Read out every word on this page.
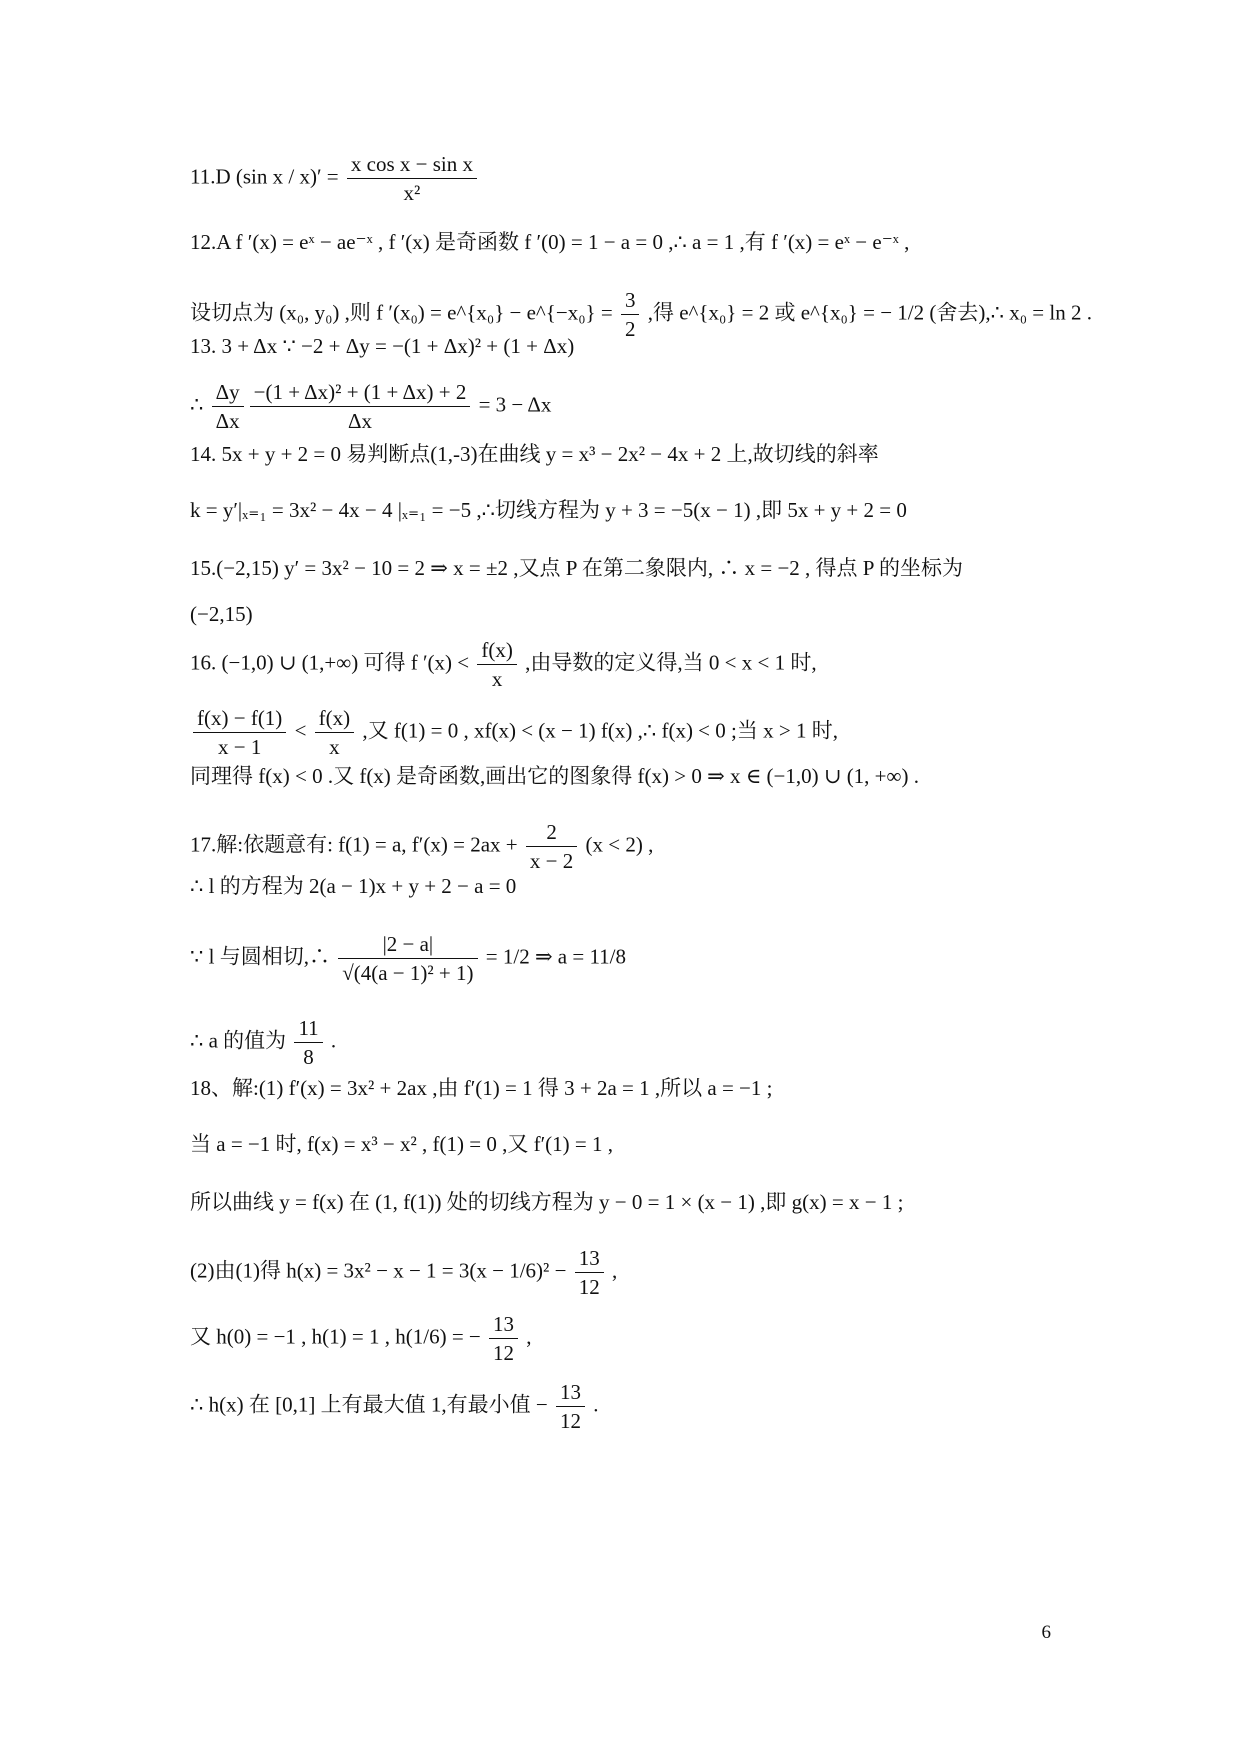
11.D (sin $x / x)' = \frac{\text{x cos x − sin x}}{\text{x²}}$
12.A f ′(x) = eˣ − ae⁻ˣ , f ′(x) 是奇函数 f ′(0) = 1 − a = 0 ,∴ a = 1 ,有 f ′(x) = eˣ − e⁻ˣ ,
设切点为 (x₀, y₀) ,则 f ′(x₀) = e^{x₀} − e^{−x₀} = $\frac{3}{2}$ ,得 e^{x₀} = 2 或 e^{x₀} = − 1/2 (舍去),∴ x₀ = ln 2 .
13. 3 + Δx ∵ −2 + Δy = −(1 + Δx)² + (1 + Δx)
∴ $\frac{\Delta y}{\Delta x} \frac{\text{−(1 + Δx)² + (1 + Δx) + 2}}{\Delta x} = 3 - \Delta x$
14. 5x + y + 2 = 0 易判断点(1,-3)在曲线 y = x³ − 2x² − 4x + 2 上,故切线的斜率
k = y′|ₓ₌₁ = 3x² − 4x − 4 |ₓ₌₁ = −5 ,∴切线方程为 y + 3 = −5(x − 1) ,即 5x + y + 2 = 0
15.(−2,15) y′ = 3x² − 10 = 2 ⇒ x = ±2 ,又点 P 在第二象限内, ∴ x = −2 , 得点 P 的坐标为
(−2,15)
16. (−1,0) ∪ (1,+∞) 可得 f $'(x) < \frac{f(x)}{x}$ ,由导数的定义得,当 0 < x < 1 时,
$\frac{f(x) - f(1)}{x - 1} < \frac{f(x)}{x}$ ,又 f(1) = 0 , xf(x) < (x − 1) f(x) ,∴ f(x) < 0 ;当 x > 1 时,
同理得 f(x) < 0 .又 f(x) 是奇函数,画出它的图象得 f(x) > 0 ⇒ x ∈ (−1,0) ∪ (1, +∞) .
17.解:依题意有: f(1) = a, $f'(x) = 2ax + \frac{2}{x - 2} (x < 2)$ ,
∴ l 的方程为 2(a − 1)x + y + 2 − a = 0
∵ l 与圆相切,∴ $\frac{|2 - a|}{\text{√(4(a − 1)² + 1)}} = 1/2$ ⇒ a = 11/8
∴ a 的值为 $\frac{11}{8}$ .
18、解:(1) f′(x) = 3x² + 2ax ,由 f′(1) = 1 得 3 + 2a = 1 ,所以 a = −1 ;
当 a = −1 时, f(x) = x³ − x² , f(1) = 0 ,又 f′(1) = 1 ,
所以曲线 y = f(x) 在 (1, f(1)) 处的切线方程为 y − 0 = 1 × (x − 1) ,即 g(x) = x − 1 ;
(2)由(1)得 $h(x) = 3x^2 - x - 1 = 3(x - 1/6)^2 - \frac{13}{12}$ ,
又 h(0) = −1 , h(1) = 1 , h(1/6) = − $\frac{13}{12}$ ,
∴ h(x) 在 [0,1] 上有最大值 1,有最小值 − $\frac{13}{12}$ .
6
